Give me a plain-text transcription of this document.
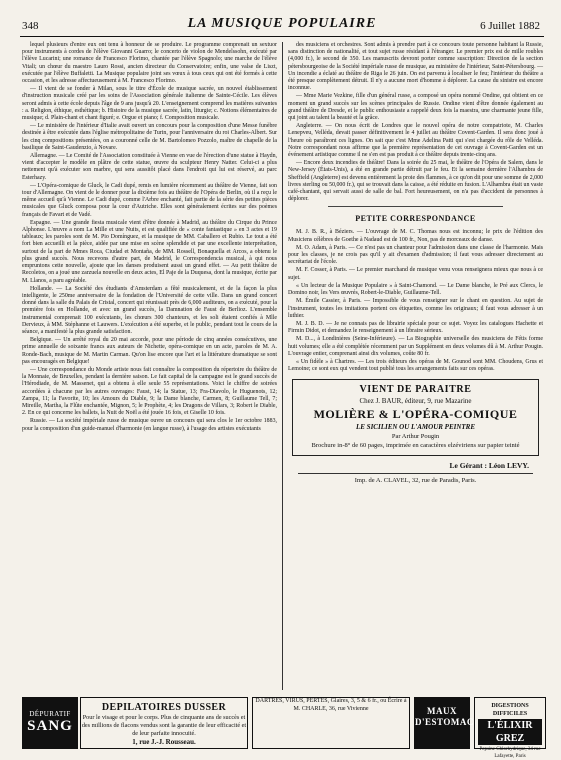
348	LA MUSIQUE POPULAIRE	6 Juillet 1882

lequel plusieurs d'entre eux ont tenu à honneur de se produire. Le programme comprenait un sextuor pour instruments à cordes de l'élève Giovanni Guarro; le concerto de violon de Mendelssohn, exécuté par l'élève Lucarini; une romance de Francesco Florimo, chantée par l'élève Spagnolo; une marche de l'élève Vitali; un chœur du maestro Lauro Rossi, ancien directeur du Conservatoire; enfin, une valse de Liszt, exécutée par l'élève Buffaletti. La Musique populaire joint ses vœux à tous ceux qui ont été formés à cette occasion, et les adresse affectueusement à M. Francesco Florimo.

— Il vient de se fonder à Milan, sous le titre d'École de musique sacrée, un nouvel établissement d'instruction musicale créé par les soins de l'Association générale italienne de Sainte-Cécile. Les élèves seront admis à cette école depuis l'âge de 9 ans jusqu'à 20. L'enseignement comprend les matières suivantes : a. Religion, éthique, esthétique; b. Histoire de la musique sacrée, latin, liturgie; c. Notions élémentaires de musique; d. Plain-chant et chant figuré; e. Orgue et piano; f. Composition musicale.

— Le ministère de l'intérieur d'Italie avait ouvert un concours pour la composition d'une Messe funèbre destinée à être exécutée dans l'église métropolitaine de Turin, pour l'anniversaire du roi Charles-Albert. Sur les cinq compositions présentées, on a couronné celle de M. Bartolomeo Pozzolo, maître de chapelle de la basilique de Saint-Gaudenzio, à Novare.

Allemagne. — Le Comité de l'Association constituée à Vienne en vue de l'érection d'une statue à Haydn, vient d'accepter le modèle en plâtre de cette statue, œuvre du sculpteur Henry Natter. Celui-ci a plus nettement qu'à exécuter son marbre, qui sera aussitôt placé dans l'endroit qui lui est réservé, au parc Esterhazy.

— L'Opéra-comique de Gluck, le Cadi dupé, remis en lumière récemment au théâtre de Vienne, fait son tour d'Allemagne. On vient de le donner pour la dixième fois au théâtre de l'Opéra de Berlin, où il a reçu le même accueil qu'à Vienne. Le Cadi dupé, comme l'Arbre enchanté, fait partie de la série des petites pièces musicales que Gluck composa pour la cour d'Autriche. Elles sont généralement écrites sur des poèmes français de Favart et de Vadé.

Espagne. — Une grande fiesta musicale vient d'être donnée à Madrid, au théâtre du Cirque du Prince Alphonse. L'œuvre a nom La Mille et une Nuits, et est qualifiée de « conte fantastique » en 3 actes et 19 tableaux; les paroles sont de M. Pio Domínguez, et la musique de MM. Caballero et Rubio. Le tout a été fort bien accueilli et la pièce, aidée par une mise en scène splendide et par une excellente interprétation, surtout de la part de Mmes Roca, Ciudad et Montaña, de MM. Rossell, Bonaquella et Arcos, a obtenu le plus grand succès. Nous recevons d'autre part, de Madrid, le Correspondencia musical, à qui nous empruntons cette nouvelle, ajoute que les danses produisent aussi un grand effet. — Au petit théâtre de Recoletos, on a joué une zarzuela nouvelle en deux actes, El Paje de la Duquesa, dont la musique, écrite par M. Llanos, a paru agréable.

Hollande. — La Société des étudiants d'Amsterdam a fêté musicalement, et de la façon la plus intelligente, le 250me anniversaire de la fondation de l'Université de cette ville. Dans un grand concert donné dans la salle du Palais de Cristal, concert qui réunissait près de 6,000 auditeurs, on a exécuté, pour la première fois en Hollande, et avec un grand succès, la Damnation de Faust de Berlioz. L'ensemble instrumental comprenait 100 exécutants, les chœurs 300 chanteurs, et les soli étaient confiés à Mlle Dervieux, à MM. Stéphanne et Lauwers. L'exécution a été superbe, et le public, pendant tout le cours de la séance, a manifesté la plus grande satisfaction.

Belgique. — Un arrêté royal du 20 mai accorde, pour une période de cinq années consécutives, une prime annuelle de soixante francs aux auteurs de Nichette, opéra-comique en un acte, paroles de M. A. Ronde-Bach, musique de M. Martin Carman. Qu'on lise encore que l'art et la littérature dramatique se sont pas encouragés en Belgique!

— Une correspondance du Monde artiste nous fait connaître la composition du répertoire du théâtre de la Monnaie, de Bruxelles, pendant la dernière saison. Le fait capital de la campagne est le grand succès de l'Hérodiade, de M. Massenet, qui a obtenu à elle seule 55 représentations. Voici le chiffre de soirées accordées à chacune par les autres ouvrages: Faust, 14; la Statue, 13; Fra-Diavolo, le Huguenots, 12; Zampa, 11; la Favorite, 10; les Amours du Diable, 9; la Dame blanche, Carmen, 8; Guillaume Tell, 7; Mireille, Martha, la Flûte enchantée, Mignon, 5; le Prophète, 4; les Dragons de Villars, 3; Robert le Diable, 2. En ce qui concerne les ballets, la Nuit de Noël a été jouée 16 fois, et Giselle 10 fois.

Russie. — La société impériale russe de musique ouvre un concours qui sera clos le 1er octobre 1883, pour la composition d'un guide-manuel d'harmonie (en langue russe), à l'usage des artistes exécutants

des musiciens et orchestres. Sont admis à prendre part à ce concours toute personne habitant la Russie, sans distinction de nationalité, et tout sujet russe résidant à l'étranger. Le premier prix est de mille roubles (4,000 fr.), le second de 350. Les manuscrits devront porter comme suscription: Direction de la section pétersbourgeoise de la Société impériale russe de musique, au ministère de l'intérieur, Saint-Pétersbourg. — Un incendie a éclaté au théâtre de Riga le 26 juin. On est parvenu à localiser le feu; l'intérieur du théâtre a été presque complètement détruit. Il n'y a aucune mort d'homme à déplorer. La cause du sinistre est encore inconnue.

— Mme Marie Vezkine, fille d'un général russe, a composé un opéra nommé Ondine, qui obtient en ce moment un grand succès sur les scènes principales de Russie. Ondine vient d'être donnée également au grand théâtre de Dresde, et le public enthousiaste a rappelé deux fois la maestra, une charmante jeune fille, qui joint au talent la beauté et la grâce.

Angleterre. — On nous écrit de Londres que le nouvel opéra de notre compatriote, M. Charles Lenepveu, Velléda, devait passer définitivement le 4 juillet au théâtre Covent-Garden. Il sera donc joué à l'heure où paraîtront ces lignes. On sait que c'est Mme Adelina Patti qui s'est chargée du rôle de Velléda. Notre correspondant nous affirme que la première représentation de cet ouvrage à Covent-Garden est un événement artistique comme il ne s'en est pas produit à ce théâtre depuis trente-cinq ans.

— Encore deux incendies de théâtre! Dans la soirée du 25 mai, le théâtre de l'Opéra de Salem, dans le New-Jersey (États-Unis), a été en grande partie détruit par le feu. Et la semaine dernière l'Alhambra de Sheffield (Angleterre) est devenu entièrement la proie des flammes, à ce qu'on dit pour une somme de 2,000 livres sterling ou 50,000 fr.), qui se trouvait dans la caisse, a été réduite en fusion. L'Alhambra était un vaste café-chantant, qui servait aussi de salle de bal. Fort heureusement, on n'a pas d'accident de personnes à déplorer.

PETITE CORRESPONDANCE

M. J. B. R., à Béziers. — L'ouvrage de M. C. Thomas nous est inconnu; le prix de l'édition des Musiciens célèbres de Goethe à Nadaud est de 100 fr., Non, pas de morceaux de danse.

M. O. Adam, à Paris. — Ce n'est pas un chanteur pour l'admission dans une classe de l'harmonie. Mais pour les classes, je ne crois pas qu'il y ait d'examen d'admission; il faut vous adresser directement au secrétariat de l'école.

M. F. Cosser, à Paris. — Le premier marchand de musique venu vous renseignera mieux que nous à ce sujet.

« Un lecteur de la Musique Populaire » à Saint-Chamond. — Le Dame blanche, le Pré aux Clercs, le Domino noir, les Vers œuvrés, Robert-le-Diable, Guillaume-Tell.

M. Émile Cassier, à Paris. — Impossible de vous renseigner sur le chant en question. Au sujet de l'instrument, toutes les imitations portent ces étiquettes, comme les originaux; il faut vous adresser à un luthier.

M. J. B. D. — Je ne connais pas de librairie spéciale pour ce sujet. Voyez les catalogues Hachette et Firmin Didot, et demandez le renseignement à un libraire sérieux.

M. D..., à Londinières (Seine-Inférieure). — La Biographie universelle des musiciens de Fétis forme huit volumes; elle a été complétée récemment par un Supplément en deux volumes dû à M. Arthur Pougin. L'ouvrage entier, comprenant ainsi dix volumes, coûte 80 fr.

« Un fidèle » à Chartres. — Les trois éditeurs des opéras de M. Gounod sont MM. Choudens, Grus et Lemoine; ce sont eux qui vendent tout publié tous les arrangements faits sur ces opéras.

VIENT DE PARAITRE
Chez J. BAUR, éditeur, 9, rue Mazarine
MOLIÈRE & L'OPÉRA-COMIQUE
LE SICILIEN OU L'AMOUR PEINTRE
Par Arthur Pougin
Brochure in-8° de 60 pages, imprimée en caractères elzéviriens sur papier teinté
Le Gérant : Léon LEVY.
Imp. de A. CLAVEL, 32, rue de Paradis, Paris.
DÉPURATIF
SANG
DEPILATOIRES DUSSER
Pour le visage et pour le corps. Plus de cinquante ans de succès et des millions de flacons vendus sont la garantie de leur efficacité et de leur parfaite innocuité.
1, rue J.-J. Rousseau.
DARTRES, VIRUS, PERTES, Glaires, 3, 5 & 6 fr., ou Écrire à M. CHARLE, 36, rue Vivienne	MAUX D'ESTOMAC
DIGESTIONS DIFFICILES
L'ÉLIXIR GREZ
Pepsine Chlorhydrique, 34 rue Lafayette, Paris
